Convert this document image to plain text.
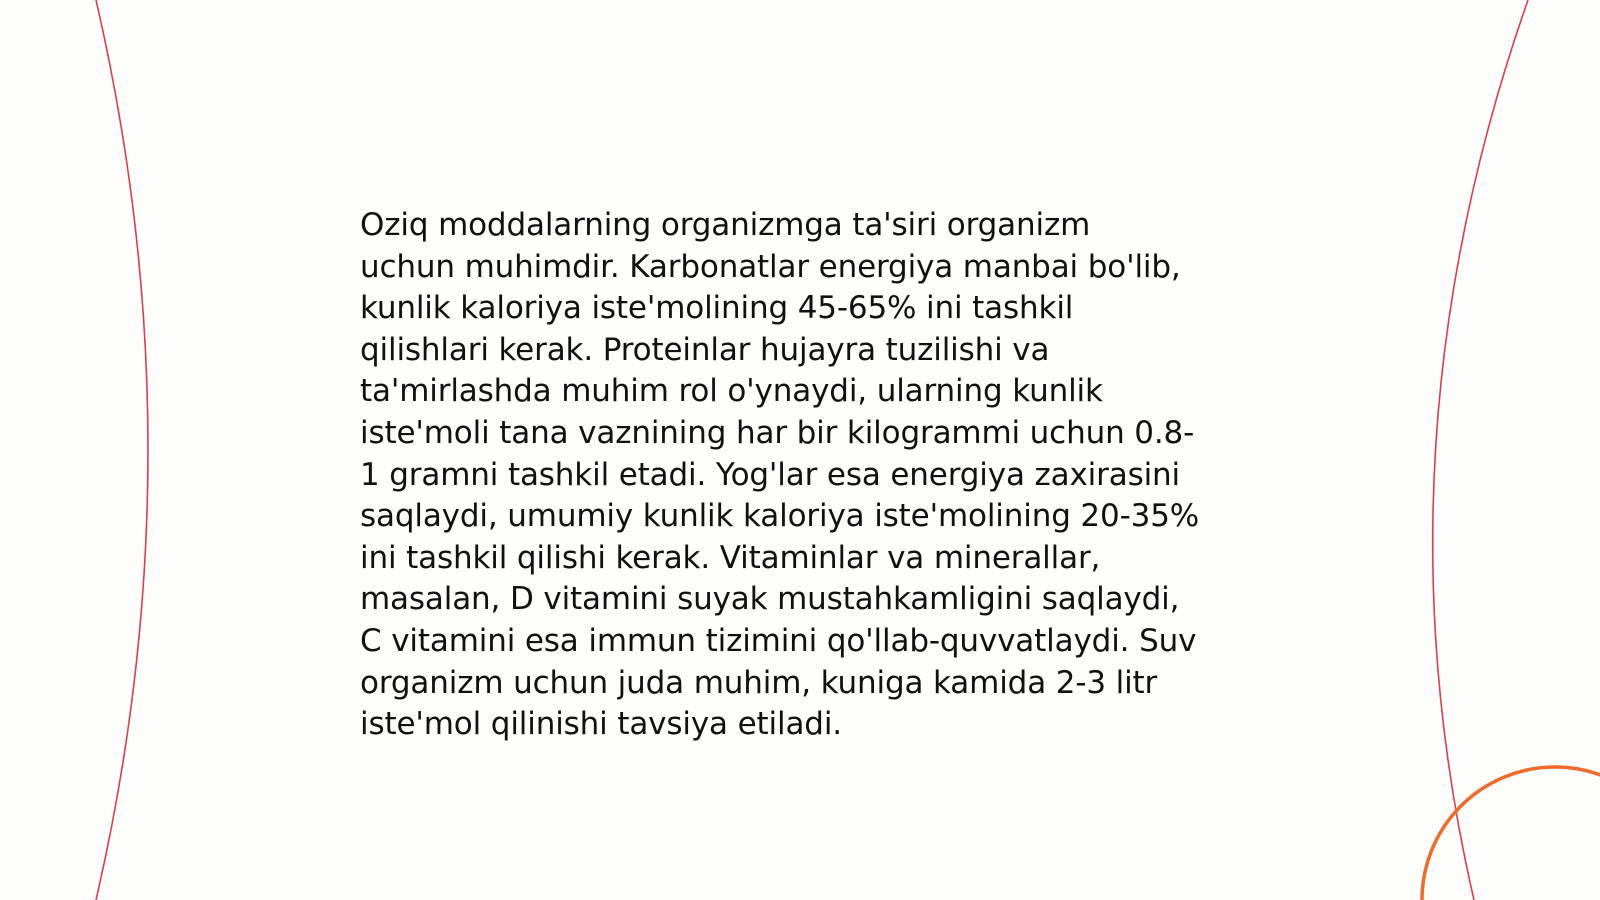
Oziq moddalarning organizmga ta'siri organizm
uchun muhimdir. Karbonatlar energiya manbai bo'lib,
kunlik kaloriya iste'molining 45-65% ini tashkil
qilishlari kerak. Proteinlar hujayra tuzilishi va
ta'mirlashda muhim rol o'ynaydi, ularning kunlik
iste'moli tana vaznining har bir kilogrammi uchun 0.8-
1 gramni tashkil etadi. Yog'lar esa energiya zaxirasini
saqlaydi, umumiy kunlik kaloriya iste'molining 20-35%
ini tashkil qilishi kerak. Vitaminlar va minerallar,
masalan, D vitamini suyak mustahkamligini saqlaydi,
C vitamini esa immun tizimini qo'llab-quvvatlaydi. Suv
organizm uchun juda muhim, kuniga kamida 2-3 litr
iste'mol qilinishi tavsiya etiladi.
